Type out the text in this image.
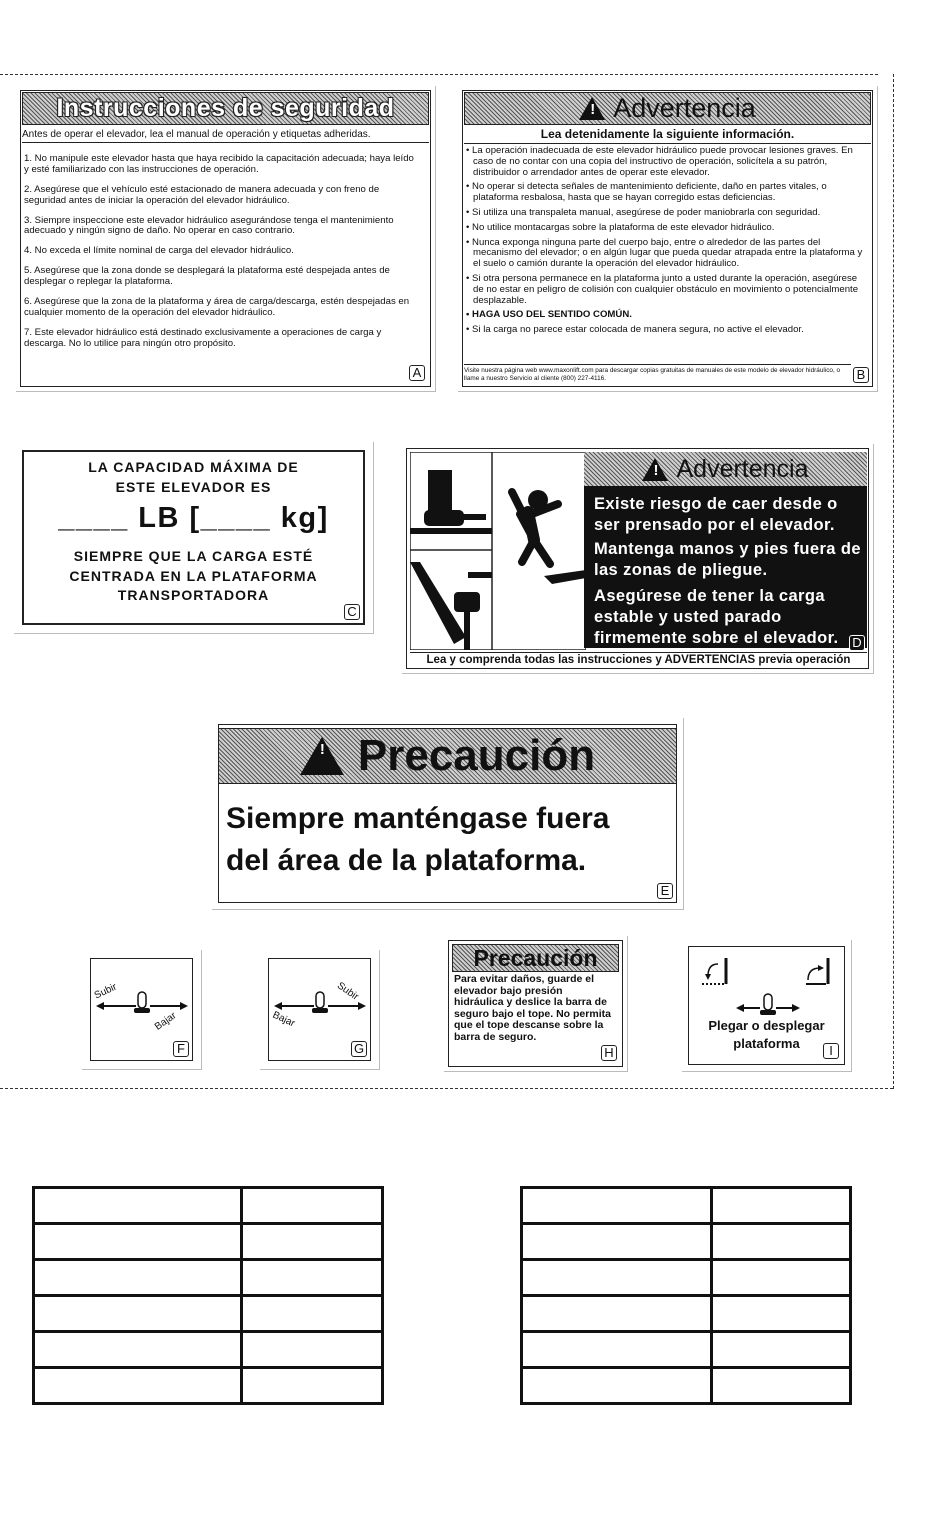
Instrucciones de seguridad
Antes de operar el elevador, lea el manual de operación y etiquetas adheridas.
1. No manipule este elevador hasta que haya recibido la capacitación adecuada; haya leído y esté familiarizado con las instrucciones de operación.
2. Asegúrese que el vehículo esté estacionado de manera adecuada y con freno de seguridad antes de iniciar la operación del elevador hidráulico.
3. Siempre inspeccione este elevador hidráulico asegurándose tenga el mantenimiento adecuado y ningún signo de daño. No operar en caso contrario.
4. No exceda el límite nominal de carga del elevador hidráulico.
5. Asegúrese que la zona donde se desplegará la plataforma esté despejada antes de desplegar o replegar la plataforma.
6. Asegúrese que la zona de la plataforma y área de carga/descarga, estén despejadas en cualquier momento de la operación del elevador hidráulico.
7. Este elevador hidráulico está destinado exclusivamente a operaciones de carga y descarga. No lo utilice para ningún otro propósito.
A
!
Advertencia
Lea detenidamente la siguiente información.
• La operación inadecuada de este elevador hidráulico puede provocar lesiones graves. En caso de no contar con una copia del instructivo de operación, solicítela a su patrón, distribuidor o arrendador antes de operar este elevador.
• No operar si detecta señales de mantenimiento deficiente, daño en partes vitales, o plataforma resbalosa, hasta que se hayan corregido estas deficiencias.
• Si utiliza una transpaleta manual, asegúrese de poder maniobrarla con seguridad.
• No utilice montacargas sobre la plataforma de este elevador hidráulico.
• Nunca exponga ninguna parte del cuerpo bajo, entre o alrededor de las partes del mecanismo del elevador; o en algún lugar que pueda quedar atrapada entre la plataforma y el suelo o camión durante la operación del elevador hidráulico.
• Si otra persona permanece en la plataforma junto a usted durante la operación, asegúrese de no estar en peligro de colisión con cualquier obstáculo en movimiento o potencialmente desplazable.
• HAGA USO DEL SENTIDO COMÚN.
• Si la carga no parece estar colocada de manera segura, no active el elevador.
Visite nuestra página web www.maxonlift.com para descargar copias gratuitas de manuales de este modelo de elevador hidráulico, o llame a nuestro Servicio al cliente (800) 227-4116.	B
LA CAPACIDAD MÁXIMA DE
ESTE ELEVADOR ES
____ LB [____ kg]
SIEMPRE QUE LA CARGA ESTÉ
CENTRADA EN LA PLATAFORMA
TRANSPORTADORA
C

Existe riesgo de caer desde o ser prensado por el elevador.

Mantenga manos y pies fuera de las zonas de pliegue.

Asegúrese de tener la carga estable y usted parado firmemente sobre el elevador.

!
Advertencia
Lea y comprenda todas las instrucciones y ADVERTENCIAS previa operación
D
!
Precaución
Siempre manténgase fuera
del área de la plataforma.
E
Subir
Bajar
F
Subir
Bajar
G
Precaución
Para evitar daños, guarde el elevador bajo presión hidráulica y deslice la barra de seguro bajo el tope. No permita que el tope descanse sobre la barra de seguro.
H
Plegar o desplegar
plataforma	I
